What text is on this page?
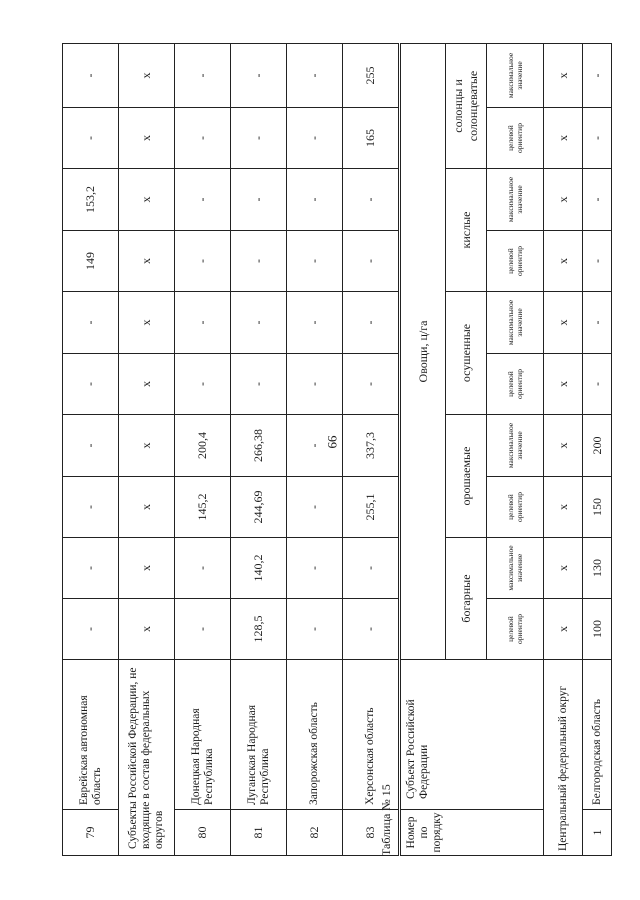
99
79	Еврейская автономная область	-	-	-	-	-	-	149	153,2	-	-
Субъекты Российской Федерации, не входящие в состав федеральных округов		х	х	х	х	х	х	х	х	х	х
80	Донецкая Народная Республика	-	-	145,2	200,4	-	-	-	-	-	-
81	Луганская Народная Республика	128,5	140,2	244,69	266,38	-	-	-	-	-	-
82	Запорожская область	-	-	-	-	-	-	-	-	-	-
83	Херсонская область	-	-	255,1	337,3	-	-	-	-	165	255
Таблица № 15 Номер по порядку	Субъект Российской Федерации	Овощи, ц/га									
		богарные		орошаемые		осушенные		кислые		солонцы и солонцеватые	
		целевой ориентир	максимальное значение	целевой ориентир	максимальное значение	целевой ориентир	максимальное значение	целевой ориентир	максимальное значение	целевой ориентир	максимальное значение
Центральный федеральный округ		х	х	х	х	х	х	х	х	х	х
1	Белгородская область	100	130	150	200	-	-	-	-	-	-
